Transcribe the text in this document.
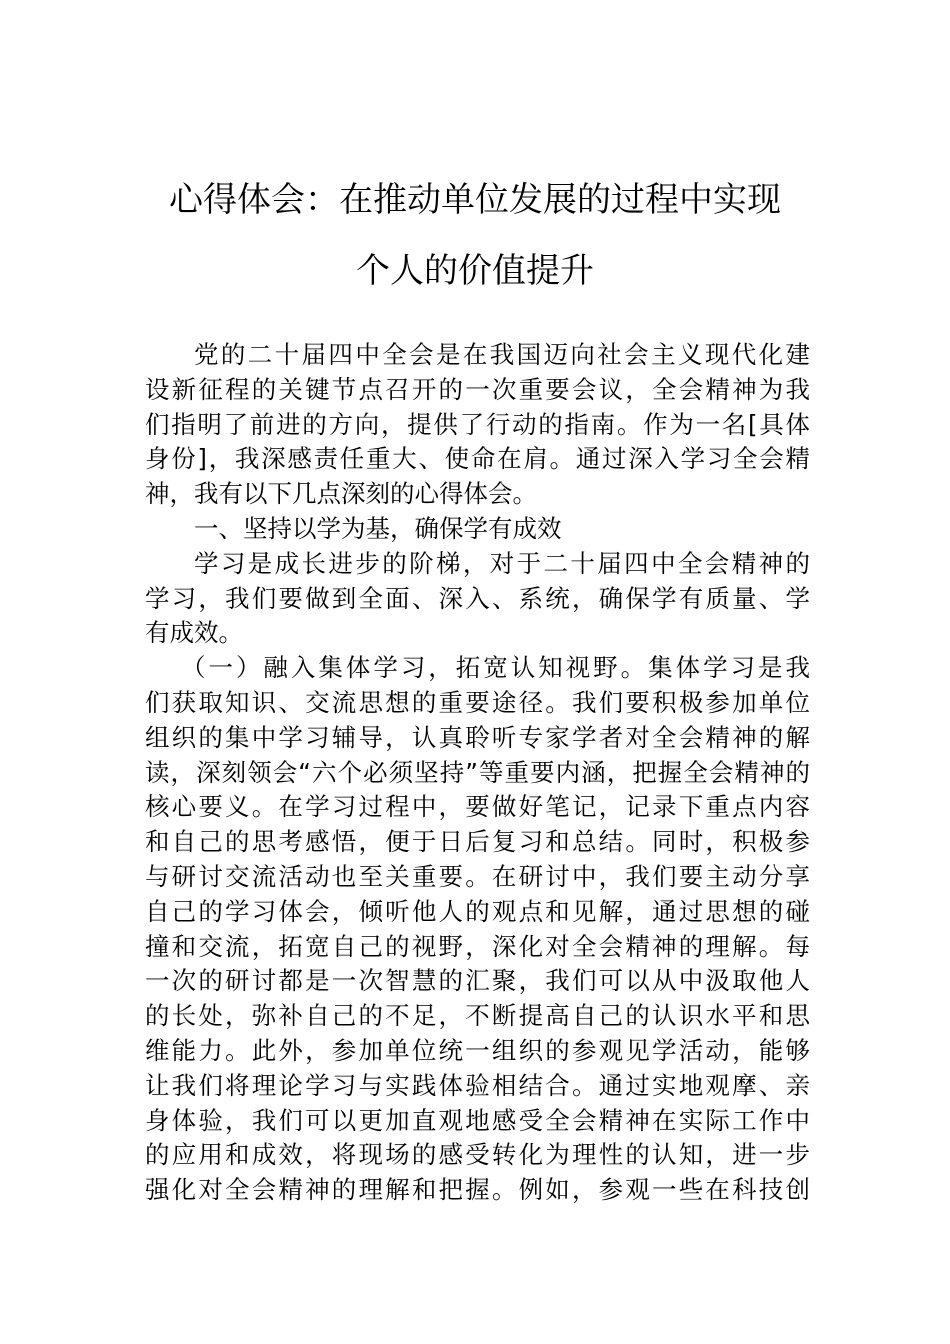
心得体会：在推动单位发展的过程中实现
个人的价值提升
党的二十届四中全会是在我国迈向社会主义现代化建
设新征程的关键节点召开的一次重要会议，全会精神为我
们指明了前进的方向，提供了行动的指南。作为一名[具体
身份]，我深感责任重大、使命在肩。通过深入学习全会精
神，我有以下几点深刻的心得体会。
一、坚持以学为基，确保学有成效
学习是成长进步的阶梯，对于二十届四中全会精神的
学习，我们要做到全面、深入、系统，确保学有质量、学
有成效。
（一）融入集体学习，拓宽认知视野。集体学习是我
们获取知识、交流思想的重要途径。我们要积极参加单位
组织的集中学习辅导，认真聆听专家学者对全会精神的解
读，深刻领会“六个必须坚持”等重要内涵，把握全会精神的
核心要义。在学习过程中，要做好笔记，记录下重点内容
和自己的思考感悟，便于日后复习和总结。同时，积极参
与研讨交流活动也至关重要。在研讨中，我们要主动分享
自己的学习体会，倾听他人的观点和见解，通过思想的碰
撞和交流，拓宽自己的视野，深化对全会精神的理解。每
一次的研讨都是一次智慧的汇聚，我们可以从中汲取他人
的长处，弥补自己的不足，不断提高自己的认识水平和思
维能力。此外，参加单位统一组织的参观见学活动，能够
让我们将理论学习与实践体验相结合。通过实地观摩、亲
身体验，我们可以更加直观地感受全会精神在实际工作中
的应用和成效，将现场的感受转化为理性的认知，进一步
强化对全会精神的理解和把握。例如，参观一些在科技创
